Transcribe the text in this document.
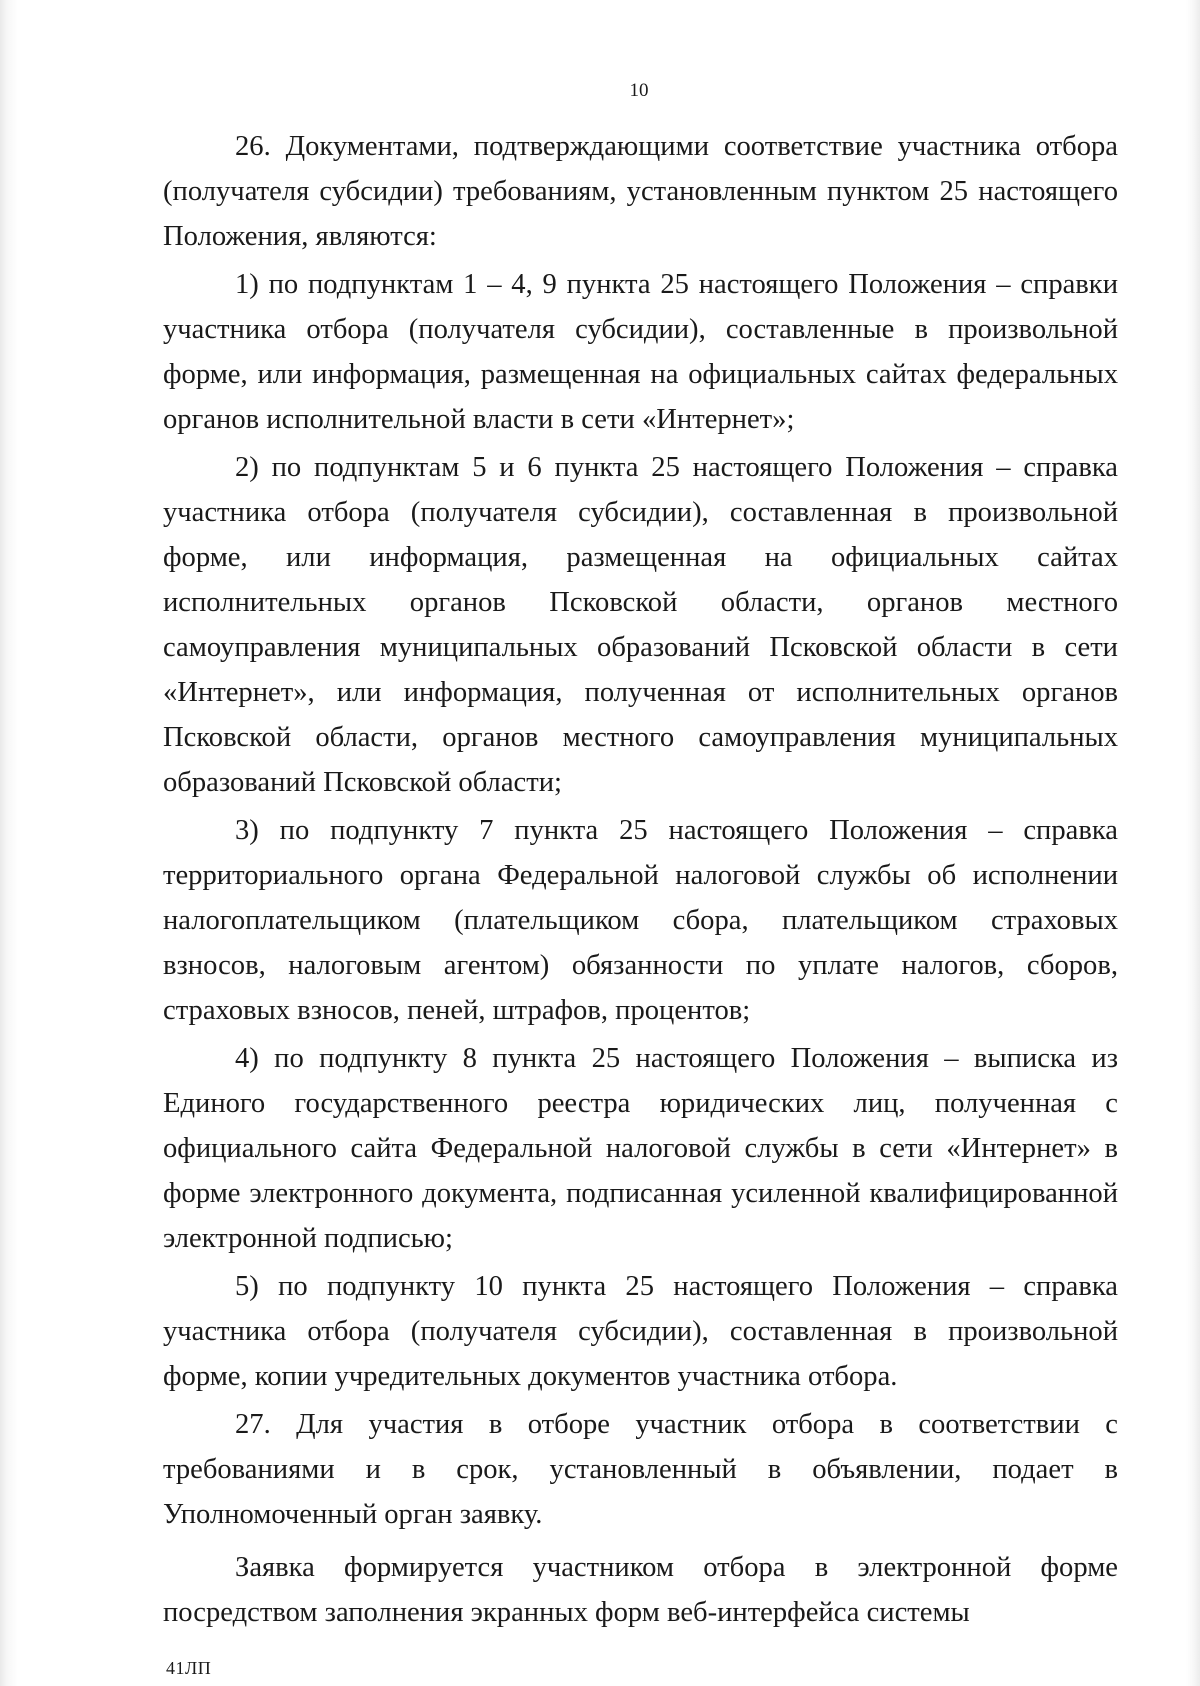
10

26. Документами, подтверждающими соответствие участника отбора (получателя субсидии) требованиям, установленным пунктом 25 настоящего Положения, являются:

1) по подпунктам 1 – 4, 9 пункта 25 настоящего Положения – справки участника отбора (получателя субсидии), составленные в произвольной форме, или информация, размещенная на официальных сайтах федеральных органов исполнительной власти в сети «Интернет»;

2) по подпунктам 5 и 6 пункта 25 настоящего Положения – справка участника отбора (получателя субсидии), составленная в произвольной форме, или информация, размещенная на официальных сайтах исполнительных органов Псковской области, органов местного самоуправления муниципальных образований Псковской области в сети «Интернет», или информация, полученная от исполнительных органов Псковской области, органов местного самоуправления муниципальных образований Псковской области;

3) по подпункту 7 пункта 25 настоящего Положения – справка территориального органа Федеральной налоговой службы об исполнении налогоплательщиком (плательщиком сбора, плательщиком страховых взносов, налоговым агентом) обязанности по уплате налогов, сборов, страховых взносов, пеней, штрафов, процентов;

4) по подпункту 8 пункта 25 настоящего Положения – выписка из Единого государственного реестра юридических лиц, полученная с официального сайта Федеральной налоговой службы в сети «Интернет» в форме электронного документа, подписанная усиленной квалифицированной электронной подписью;

5) по подпункту 10 пункта 25 настоящего Положения – справка участника отбора (получателя субсидии), составленная в произвольной форме, копии учредительных документов участника отбора.

27. Для участия в отборе участник отбора в соответствии с требованиями и в срок, установленный в объявлении, подает в Уполномоченный орган заявку.

Заявка формируется участником отбора в электронной форме посредством заполнения экранных форм веб-интерфейса системы

41ЛП
